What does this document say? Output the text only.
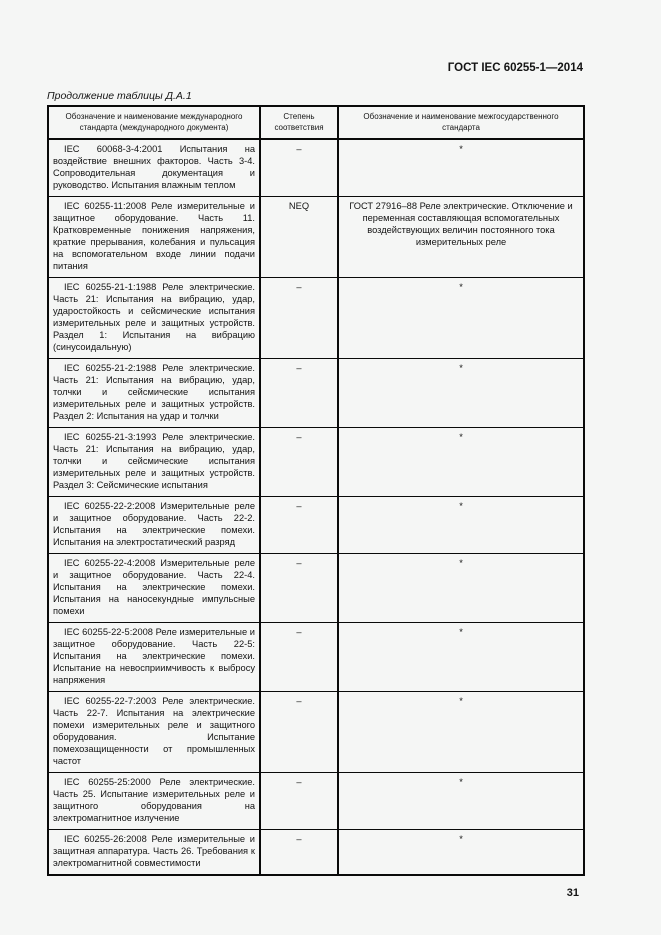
ГОСТ IEC 60255-1—2014
Продолжение таблицы Д.А.1
Обозначение и наименование международного стандарта (международного документа)	Степень соответствия	Обозначение и наименование межгосударственного стандарта
IEC 60068-3-4:2001 Испытания на воздействие внешних факторов. Часть 3-4. Сопроводительная документация и руководство. Испытания влажным теплом	–	*
IEC 60255-11:2008 Реле измерительные и защитное оборудование. Часть 11. Кратковременные понижения напряжения, краткие прерывания, колебания и пульсация на вспомогательном входе линии подачи питания	NEQ	ГОСТ 27916–88 Реле электрические. Отключение и переменная составляющая вспомогательных воздействующих величин постоянного тока измерительных реле
IEC 60255-21-1:1988 Реле электрические. Часть 21: Испытания на вибрацию, удар, ударостойкость и сейсмические испытания измерительных реле и защитных устройств. Раздел 1: Испытания на вибрацию (синусоидальную)	–	*
IEC 60255-21-2:1988 Реле электрические. Часть 21: Испытания на вибрацию, удар, толчки и сейсмические испытания измерительных реле и защитных устройств. Раздел 2: Испытания на удар и толчки	–	*
IEC 60255-21-3:1993 Реле электрические. Часть 21: Испытания на вибрацию, удар, толчки и сейсмические испытания измерительных реле и защитных устройств. Раздел 3: Сейсмические испытания	–	*
IEC 60255-22-2:2008 Измерительные реле и защитное оборудование. Часть 22-2. Испытания на электрические помехи. Испытания на электростатический разряд	–	*
IEC 60255-22-4:2008 Измерительные реле и защитное оборудование. Часть 22-4. Испытания на электрические помехи. Испытания на наносекундные импульсные помехи	–	*
IEC 60255-22-5:2008 Реле измерительные и защитное оборудование. Часть 22-5: Испытания на электрические помехи. Испытание на невосприимчивость к выбросу напряжения	–	*
IEC 60255-22-7:2003 Реле электрические. Часть 22-7. Испытания на электрические помехи измерительных реле и защитного оборудования. Испытание помехозащищенности от промышленных частот	–	*
IEC 60255-25:2000 Реле электрические. Часть 25. Испытание измерительных реле и защитного оборудования на электромагнитное излучение	–	*
IEC 60255-26:2008 Реле измерительные и защитная аппаратура. Часть 26. Требования к электромагнитной совместимости	–	*
31
